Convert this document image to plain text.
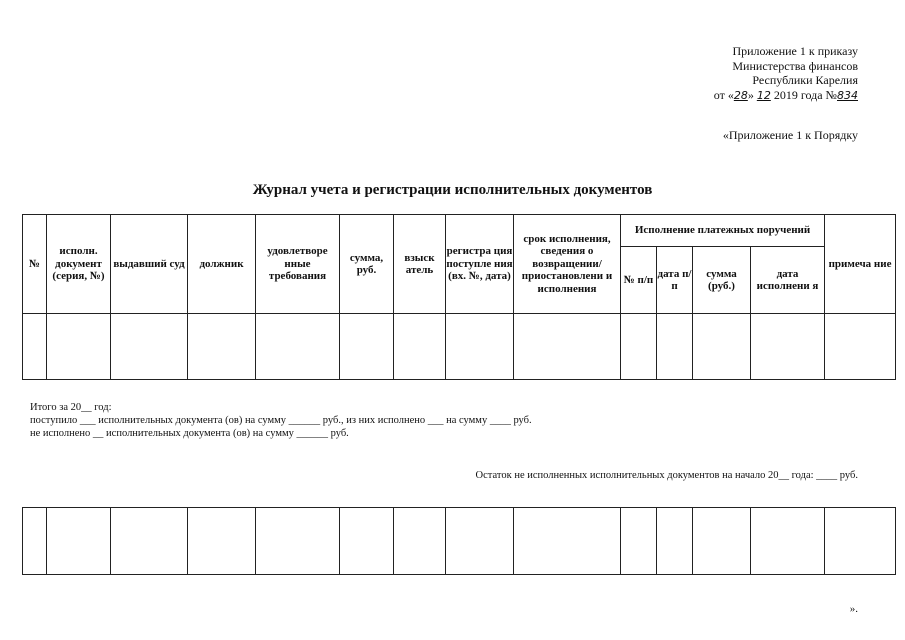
Приложение 1 к приказу
Министерства финансов
Республики Карелия
от «28» 12 2019 года №834
«Приложение 1 к Порядку
Журнал учета и регистрации исполнительных документов
№	исполн. документ (серия, №)	выдавший суд	должник	удовлетворе нные требования	сумма, руб.	взыск атель	регистра ция поступле ния (вх. №, дата)	срок исполнения, сведения о возвращении/ приостановлени и исполнения	Исполнение платежных поручений				примеча ние
									№ п/п	дата п/п	сумма (руб.)	дата исполнени я	

Итого за 20__ год:
поступило ___ исполнительных документа (ов) на сумму ______ руб., из них исполнено ___ на сумму ____ руб.
не исполнено __ исполнительных документа (ов) на сумму ______ руб.
Остаток не исполненных исполнительных документов на начало 20__ года: ____ руб.

».
